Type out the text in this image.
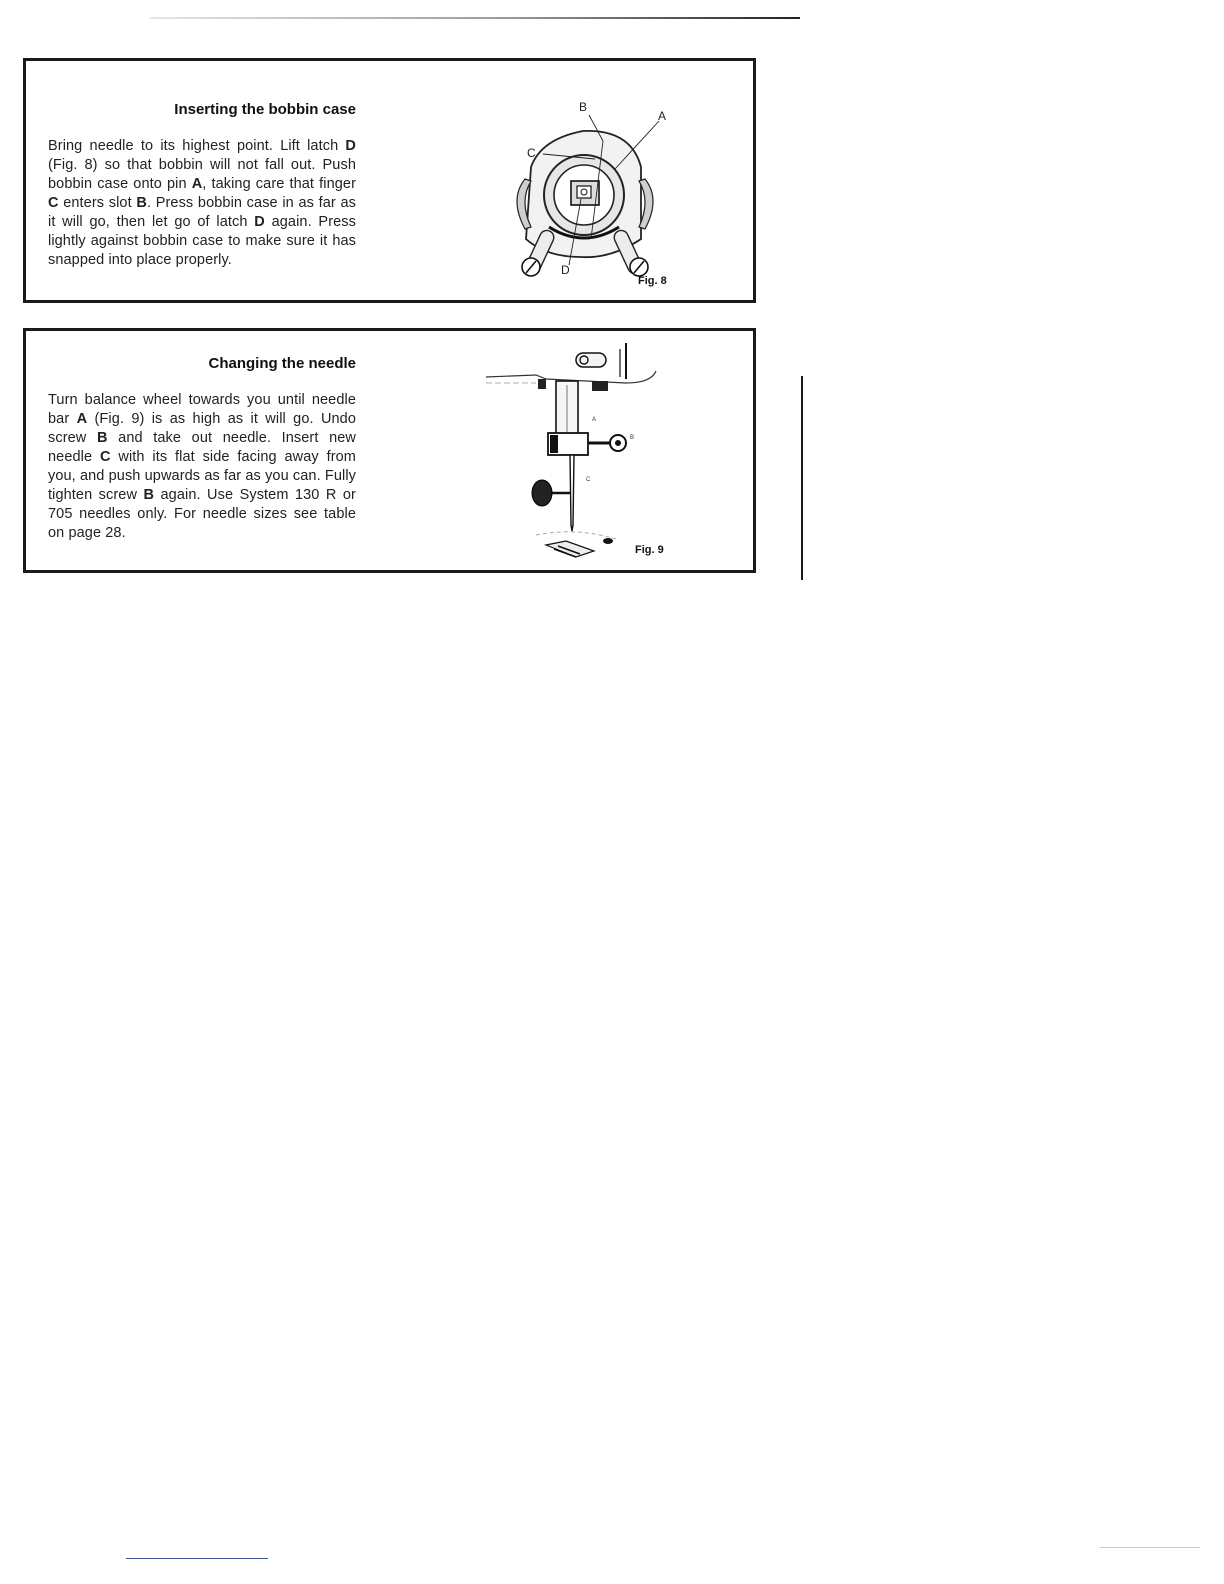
Inserting the bobbin case

Bring needle to its highest point. Lift latch D (Fig. 8) so that bobbin will not fall out. Push bobbin case onto pin A, taking care that finger C enters slot B. Press bobbin case in as far as it will go, then let go of latch D again. Press lightly against bobbin case to make sure it has snapped into place properly.

B
A
C
D
Fig. 8
Changing the needle

Turn balance wheel towards you until needle bar A (Fig. 9) is as high as it will go. Undo screw B and take out needle. Insert new needle C with its flat side facing away from you, and push upwards as far as you can. Fully tighten screw B again. Use System 130 R or 705 needles only. For needle sizes see table on page 28.

A
B
C
Fig. 9
